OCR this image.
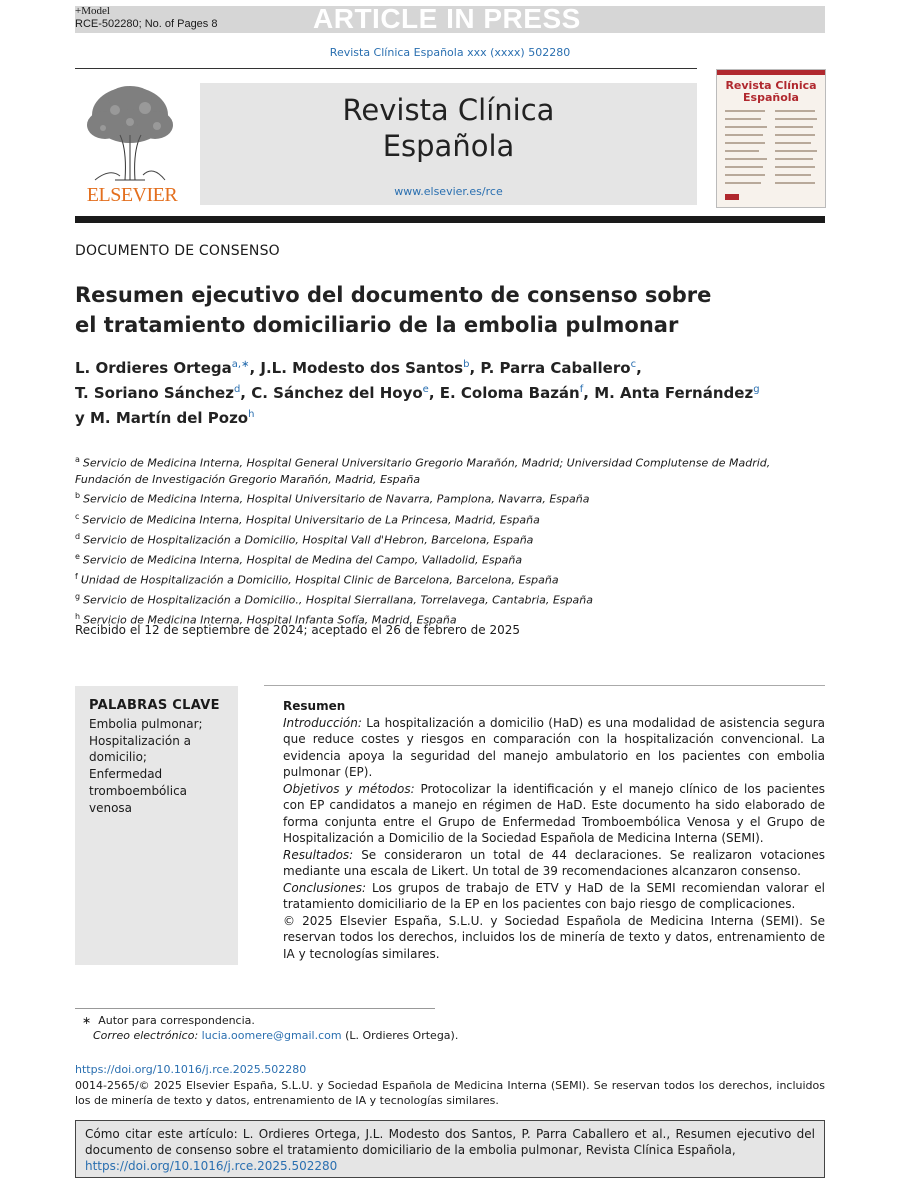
+Model
RCE-502280; No. of Pages 8	ARTICLE IN PRESS
Revista Clínica Española xxx (xxxx) 502280
ELSEVIER
Revista Clínica
Española
www.elsevier.es/rce
Revista Clínica
Española
DOCUMENTO DE CONSENSO
Resumen ejecutivo del documento de consenso sobre
el tratamiento domiciliario de la embolia pulmonar
L. Ordieres Ortega$^{a,∗}$, J.L. Modesto dos Santos$^b$, P. Parra Caballero$^c$,
T. Soriano Sánchez$^d$, C. Sánchez del Hoyo$^e$, E. Coloma Bazán$^f$, M. Anta Fernández$^g$
y M. Martín del Pozo$^h$
$^a$ Servicio de Medicina Interna, Hospital General Universitario Gregorio Marañón, Madrid; Universidad Complutense de Madrid, Fundación de Investigación Gregorio Marañón, Madrid, España
$^b$ Servicio de Medicina Interna, Hospital Universitario de Navarra, Pamplona, Navarra, España
$^c$ Servicio de Medicina Interna, Hospital Universitario de La Princesa, Madrid, España
$^d$ Servicio de Hospitalización a Domicilio, Hospital Vall d'Hebron, Barcelona, España
$^e$ Servicio de Medicina Interna, Hospital de Medina del Campo, Valladolid, España
$^f$ Unidad de Hospitalización a Domicilio, Hospital Clinic de Barcelona, Barcelona, España
$^g$ Servicio de Hospitalización a Domicilio., Hospital Sierrallana, Torrelavega, Cantabria, España
$^h$ Servicio de Medicina Interna, Hospital Infanta Sofía, Madrid, España
Recibido el 12 de septiembre de 2024; aceptado el 26 de febrero de 2025
PALABRAS CLAVE
Embolia pulmonar;
Hospitalización a domicilio;
Enfermedad tromboembólica venosa
Resumen
Introducción: La hospitalización a domicilio (HaD) es una modalidad de asistencia segura que reduce costes y riesgos en comparación con la hospitalización convencional. La evidencia apoya la seguridad del manejo ambulatorio en los pacientes con embolia pulmonar (EP).
Objetivos y métodos: Protocolizar la identificación y el manejo clínico de los pacientes con EP candidatos a manejo en régimen de HaD. Este documento ha sido elaborado de forma conjunta entre el Grupo de Enfermedad Tromboembólica Venosa y el Grupo de Hospitalización a Domicilio de la Sociedad Española de Medicina Interna (SEMI).
Resultados: Se consideraron un total de 44 declaraciones. Se realizaron votaciones mediante una escala de Likert. Un total de 39 recomendaciones alcanzaron consenso.
Conclusiones: Los grupos de trabajo de ETV y HaD de la SEMI recomiendan valorar el tratamiento domiciliario de la EP en los pacientes con bajo riesgo de complicaciones.
© 2025 Elsevier España, S.L.U. y Sociedad Española de Medicina Interna (SEMI). Se reservan todos los derechos, incluidos los de minería de texto y datos, entrenamiento de IA y tecnologías similares.
∗ Autor para correspondencia.
Correo electrónico: lucia.oomere@gmail.com (L. Ordieres Ortega).
https://doi.org/10.1016/j.rce.2025.502280
0014-2565/© 2025 Elsevier España, S.L.U. y Sociedad Española de Medicina Interna (SEMI). Se reservan todos los derechos, incluidos los de minería de texto y datos, entrenamiento de IA y tecnologías similares.
Cómo citar este artículo: L. Ordieres Ortega, J.L. Modesto dos Santos, P. Parra Caballero et al., Resumen ejecutivo del documento de consenso sobre el tratamiento domiciliario de la embolia pulmonar, Revista Clínica Española,
https://doi.org/10.1016/j.rce.2025.502280
